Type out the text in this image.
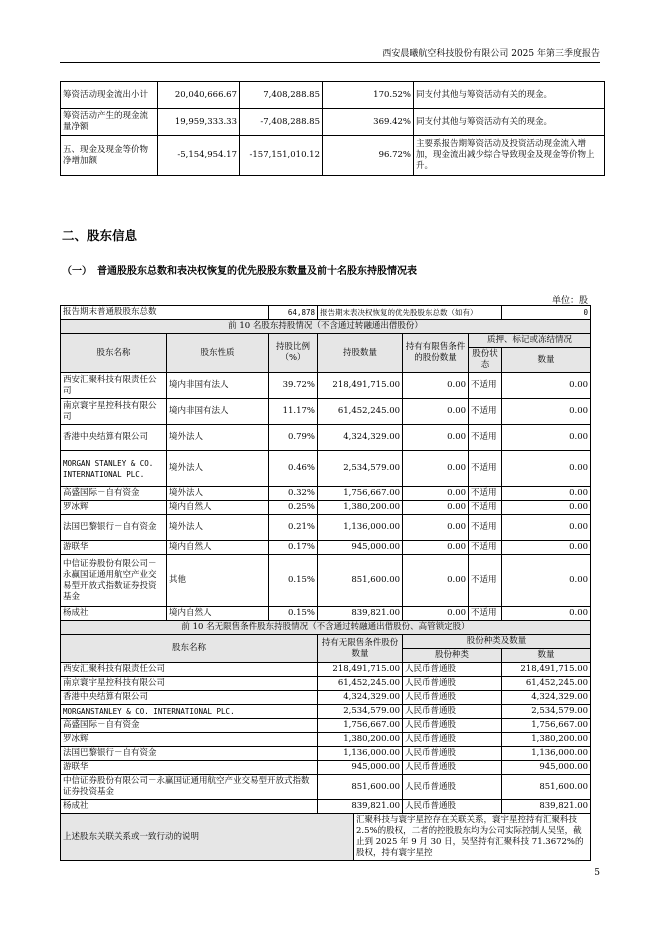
西安晨曦航空科技股份有限公司 2025 年第三季度报告
筹资活动现金流出小计	20,040,666.67	7,408,288.85	170.52%	同支付其他与筹资活动有关的现金。
筹资活动产生的现金流量净额	19,959,333.33	-7,408,288.85	369.42%	同支付其他与筹资活动有关的现金。
五、现金及现金等价物净增加额	-5,154,954.17	-157,151,010.12	96.72%	主要系报告期筹资活动及投资活动现金流入增加，现金流出减少综合导致现金及现金等价物上升。
二、股东信息
（一）　普通股股东总数和表决权恢复的优先股股东数量及前十名股东持股情况表
单位：股
报告期末普通股股东总数		64,878	报告期末表决权恢复的优先股股东总数（如有）				0
前 10 名股东持股情况（不含通过转融通出借股份）							
股东名称	股东性质	持股比例（%）	持股数量		持有有限售条件的股份数量	质押、标记或冻结情况	
						股份状态	数量
西安汇聚科技有限责任公司	境内非国有法人	39.72%	218,491,715.00		0.00	不适用	0.00
南京寰宇星控科技有限公司	境内非国有法人	11.17%	61,452,245.00		0.00	不适用	0.00
香港中央结算有限公司	境外法人	0.79%	4,324,329.00		0.00	不适用	0.00
MORGAN STANLEY & CO. INTERNATIONAL PLC.	境外法人	0.46%	2,534,579.00		0.00	不适用	0.00
高盛国际－自有资金	境外法人	0.32%	1,756,667.00		0.00	不适用	0.00
罗冰辉	境内自然人	0.25%	1,380,200.00		0.00	不适用	0.00
法国巴黎银行－自有资金	境外法人	0.21%	1,136,000.00		0.00	不适用	0.00
游联华	境内自然人	0.17%	945,000.00		0.00	不适用	0.00
中信证券股份有限公司－永赢国证通用航空产业交易型开放式指数证券投资基金	其他	0.15%	851,600.00		0.00	不适用	0.00
杨成社	境内自然人	0.15%	839,821.00		0.00	不适用	0.00
前 10 名无限售条件股东持股情况（不含通过转融通出借股份、高管锁定股）							
股东名称			持有无限售条件股份数量		股份种类及数量		
					股份种类		数量
西安汇聚科技有限责任公司			218,491,715.00		人民币普通股		218,491,715.00
南京寰宇星控科技有限公司			61,452,245.00		人民币普通股		61,452,245.00
香港中央结算有限公司			4,324,329.00		人民币普通股		4,324,329.00
MORGANSTANLEY & CO. INTERNATIONAL PLC.			2,534,579.00		人民币普通股		2,534,579.00
高盛国际－自有资金			1,756,667.00		人民币普通股		1,756,667.00
罗冰辉			1,380,200.00		人民币普通股		1,380,200.00
法国巴黎银行－自有资金			1,136,000.00		人民币普通股		1,136,000.00
游联华			945,000.00		人民币普通股		945,000.00
中信证券股份有限公司－永赢国证通用航空产业交易型开放式指数证券投资基金			851,600.00		人民币普通股		851,600.00
杨成社			839,821.00		人民币普通股		839,821.00
上述股东关联关系或一致行动的说明				汇聚科技与寰宇星控存在关联关系，寰宇星控持有汇聚科技 2.5%的股权，二者的控股股东均为公司实际控制人吴坚，截止到 2025 年 9 月 30 日，吴坚持有汇聚科技 71.3672%的股权，持有寰宇星控			
5
